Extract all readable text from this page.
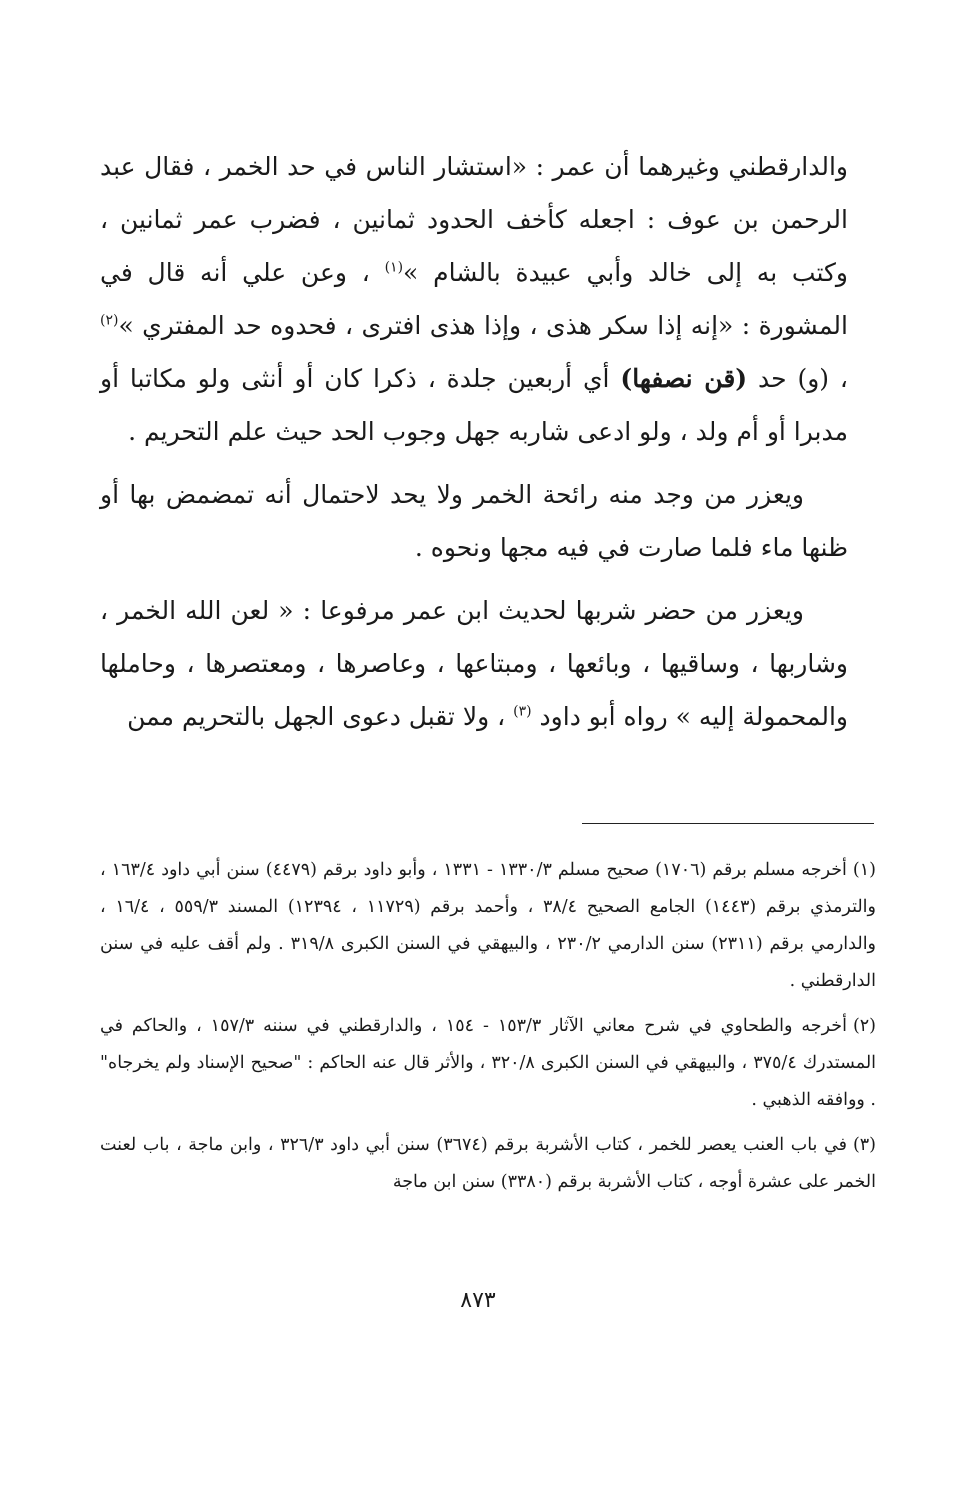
والدارقطني وغيرهما أن عمر : «استشار الناس في حد الخمر ، فقال عبد الرحمن بن عوف : اجعله كأخف الحدود ثمانين ، فضرب عمر ثمانين ، وكتب به إلى خالد وأبي عبيدة بالشام »$^{(١)}$ ، وعن علي أنه قال في المشورة : «إنه إذا سكر هذى ، وإذا هذى افترى ، فحدوه حد المفتري »$^{(٢)}$ ، (و) حد (قن نصفها) أي أربعين جلدة ، ذكرا كان أو أنثى ولو مكاتبا أو مدبرا أو أم ولد ، ولو ادعى شاربه جهل وجوب الحد حيث علم التحريم .

ويعزر من وجد منه رائحة الخمر ولا يحد لاحتمال أنه تمضمض بها أو ظنها ماء فلما صارت في فيه مجها ونحوه .

ويعزر من حضر شربها لحديث ابن عمر مرفوعا : « لعن الله الخمر ، وشاربها ، وساقيها ، وبائعها ، ومبتاعها ، وعاصرها ، ومعتصرها ، وحاملها والمحمولة إليه » رواه أبو داود $^{(٣)}$ ، ولا تقبل دعوى الجهل بالتحريم ممن

(١)أخرجه مسلم برقم (١٧٠٦) صحيح مسلم ١٣٣٠/٣ - ١٣٣١ ، وأبو داود برقم (٤٤٧٩) سنن أبي داود ١٦٣/٤ ، والترمذي برقم (١٤٤٣) الجامع الصحيح ٣٨/٤ ، وأحمد برقم (١١٧٢٩ ، ١٢٣٩٤) المسند ٥٥٩/٣ ، ١٦/٤ ، والدارمي برقم (٢٣١١) سنن الدارمي ٢٣٠/٢ ، والبيهقي في السنن الكبرى ٣١٩/٨ . ولم أقف عليه في سنن الدارقطني .
(٢)أخرجه والطحاوي في شرح معاني الآثار ١٥٣/٣ - ١٥٤ ، والدارقطني في سننه ١٥٧/٣ ، والحاكم في المستدرك ٣٧٥/٤ ، والبيهقي في السنن الكبرى ٣٢٠/٨ ، والأثر قال عنه الحاكم : "صحيح الإسناد ولم يخرجاه" . ووافقه الذهبي .
(٣)في باب العنب يعصر للخمر ، كتاب الأشربة برقم (٣٦٧٤) سنن أبي داود ٣٢٦/٣ ، وابن ماجة ، باب لعنت الخمر على عشرة أوجه ، كتاب الأشربة برقم (٣٣٨٠) سنن ابن ماجة
٨٧٣
